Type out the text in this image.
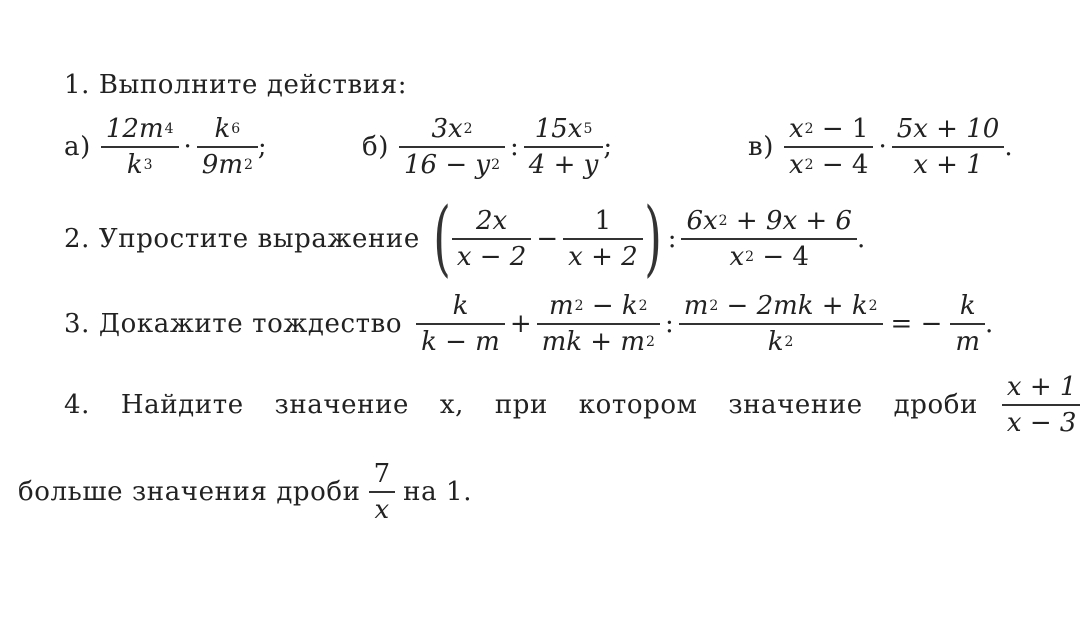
1. Выполните действия:
$а) \frac{12m 4}{k 3} \cdot \frac{k 6}{9m 2}$ ;	$б) \frac{3x 2}{16 - y 2}$ : $\frac{15x 5}{4 + y}$ ;	$в) \frac{x 2 - 1}{x 2 - 4} \cdot \frac{5x + 10}{x + 1}$ .
2. Упростите выражение ( $\frac{2x}{x - 2} - \frac{1}{x + 2}$ ) : $\frac{6x 2 + 9x + 6}{x 2 - 4}$ .
3. Докажите тождество $\frac{k}{k - m} + \frac{m 2 - k 2}{mk + m 2}$ : $\frac{m 2 - 2mk + k 2}{k 2}$ = − $\frac{k}{m}$ .
4. Найдите значение x, при котором значение дроби $\frac{x + 1}{x - 3}$
больше значения дроби $\frac{7}{x}$ на 1.
